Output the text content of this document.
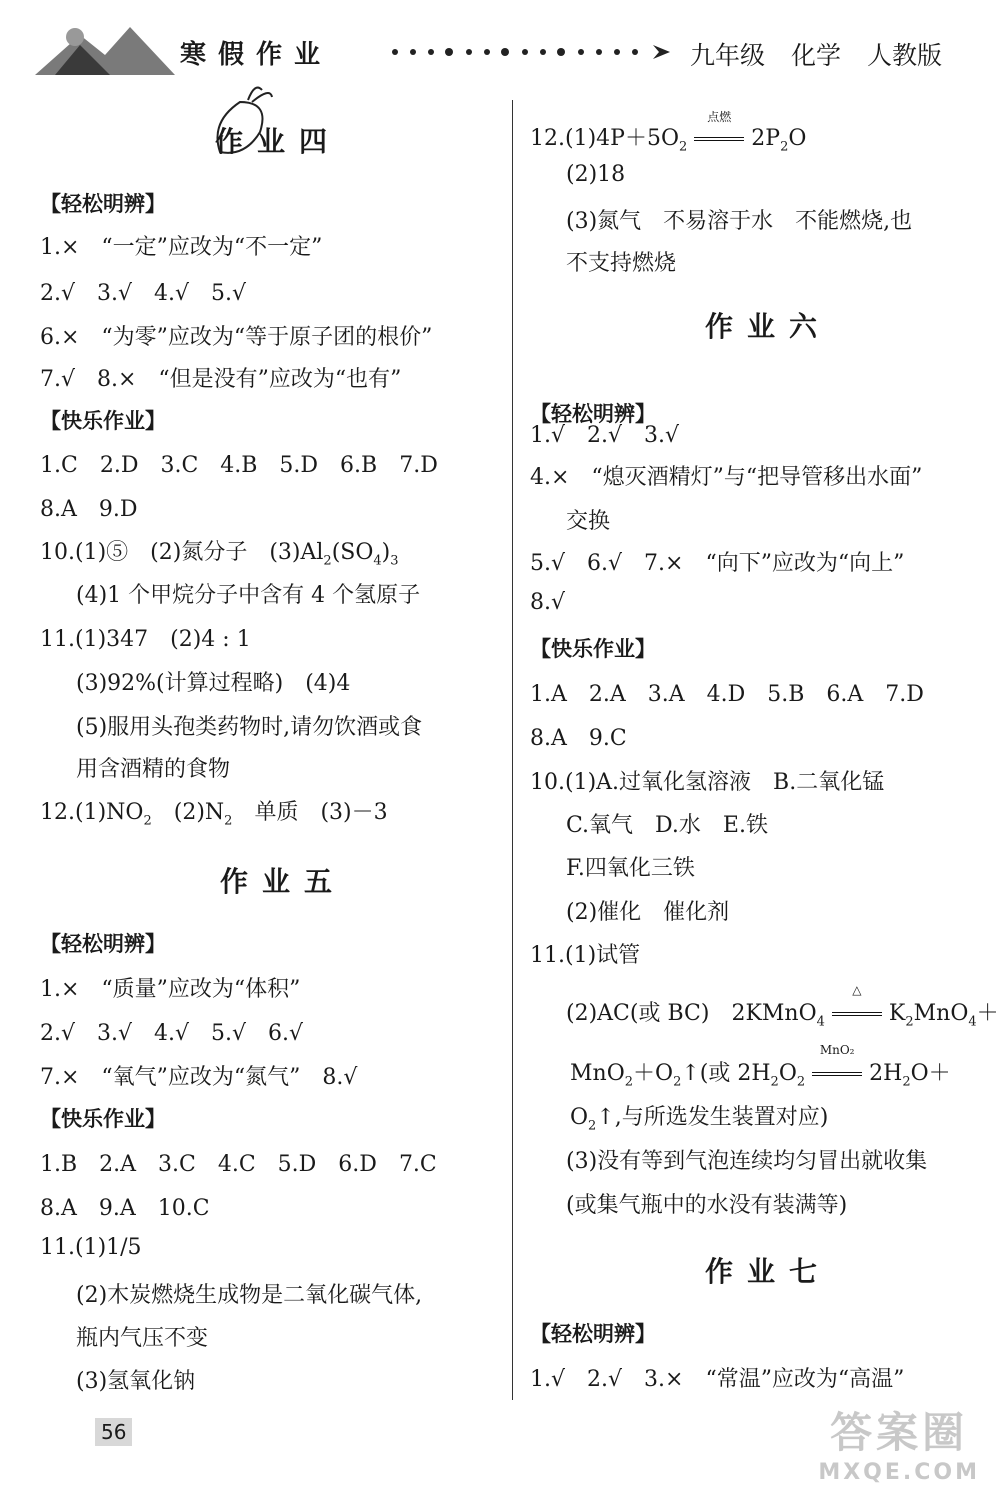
寒假作业	九年级 化学 人教版
作业四
【轻松明辨】
1.×　“一定”应改为“不一定”
2.√　3.√　4.√　5.√
6.×　“为零”应改为“等于原子团的根价”
7.√　8.×　“但是没有”应改为“也有”
【快乐作业】
1.C　2.D　3.C　4.B　5.D　6.B　7.D
8.A　9.D
10.(1)⑤　(2)氮分子　$(3)Al_2(SO_4)_3$
(4)1 个甲烷分子中含有 4 个氢原子
11.(1)347　(2)4 : 1
(3)92%(计算过程略)　(4)4
(5)服用头孢类药物时,请勿饮酒或食
用含酒精的食物
$12.(1)NO_2$　 $(2)N_2$　 单质　(3)－3
作业五
【轻松明辨】
1.×　“质量”应改为“体积”
2.√　3.√　4.√　5.√　6.√
7.×　“氧气”应改为“氮气”　8.√
【快乐作业】
1.B　2.A　3.C　4.C　5.D　6.D　7.C
8.A　9.A　10.C
11.(1)1/5
(2)木炭燃烧生成物是二氧化碳气体,
瓶内气压不变
(3)氢氧化钠
$12.(1)4P+5O_2$
点燃
$2P_2O$
(2)18
(3)氮气　不易溶于水　不能燃烧,也
不支持燃烧
作业六
【轻松明辨】
1.√　2.√　3.√
4.×　“熄灭酒精灯”与“把导管移出水面”
交换
5.√　6.√　7.×　“向下”应改为“向上”
8.√
【快乐作业】
1.A　2.A　3.A　4.D　5.B　6.A　7.D
8.A　9.C
10.(1)A.过氧化氢溶液　B.二氧化锰
C.氧气　D.水　E.铁
F.四氧化三铁
(2)催化　催化剂
11.(1)试管
(2)AC(或 BC)　2KMnO$_4$
△
$K_2MnO_4+$
$MnO_2+O_2↑$(或 $2H_2O_2$
MnO₂
$2H_2O+$
$O_2↑$,与所选发生装置对应)
(3)没有等到气泡连续均匀冒出就收集
(或集气瓶中的水没有装满等)
作业七
【轻松明辨】
1.√　2.√　3.×　“常温”应改为“高温”
56	答案圈
MXQE.COM
